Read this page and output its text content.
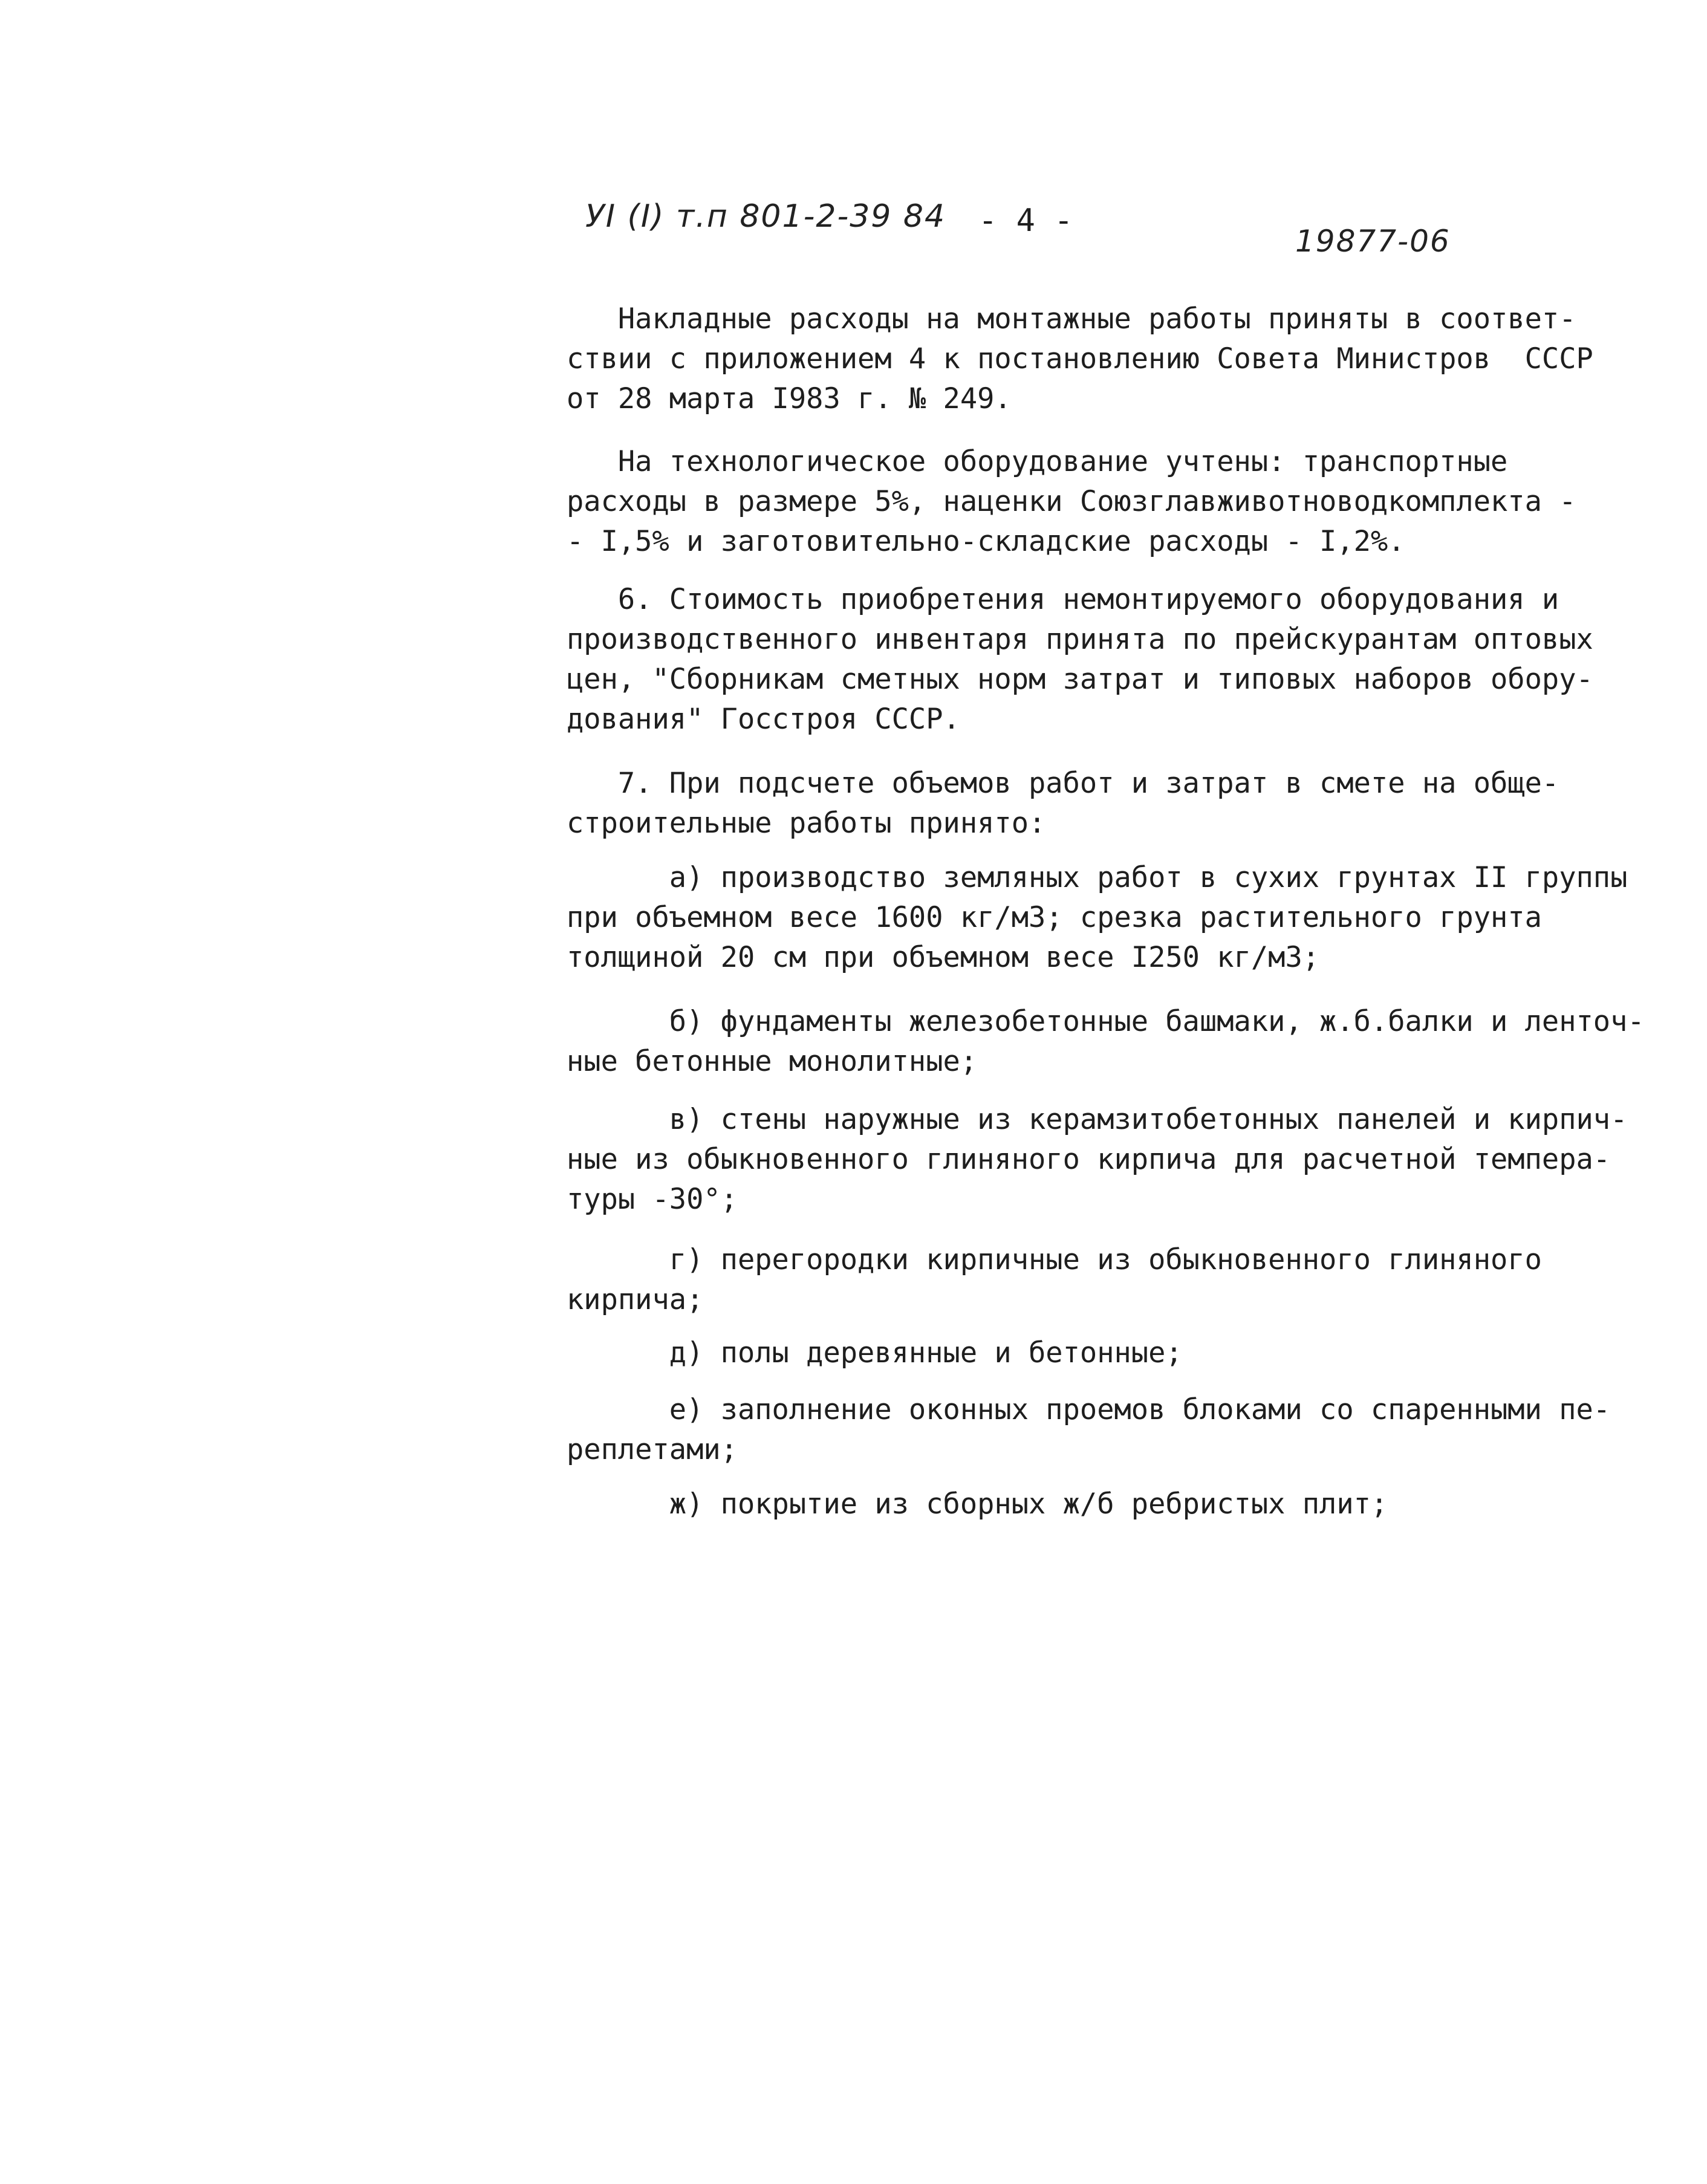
УI (I) т.п 801-2-39 84 - 4 -
19877-06
Накладные расходы на монтажные работы приняты в соответ-
ствии с приложением 4 к постановлению Совета Министров  СССР
от 28 марта I983 г. № 249.
На технологическое оборудование учтены: транспортные
расходы в размере 5%, наценки Союзглавживотноводкомплекта -
- I,5% и заготовительно-складские расходы - I,2%.
6. Стоимость приобретения немонтируемого оборудования и
производственного инвентаря принята по прейскурантам оптовых
цен, "Сборникам сметных норм затрат и типовых наборов обору-
дования" Госстроя СССР.
7. При подсчете объемов работ и затрат в смете на обще-
строительные работы принято:
а) производство земляных работ в сухих грунтах II группы
при объемном весе 1600 кг/м3; срезка растительного грунта
толщиной 20 см при объемном весе I250 кг/м3;
б) фундаменты железобетонные башмаки, ж.б.балки и ленточ-
ные бетонные монолитные;
в) стены наружные из керамзитобетонных панелей и кирпич-
ные из обыкновенного глиняного кирпича для расчетной темпера-
туры -30°;
г) перегородки кирпичные из обыкновенного глиняного
кирпича;
д) полы деревянные и бетонные;
е) заполнение оконных проемов блоками со спаренными пе-
реплетами;
ж) покрытие из сборных ж/б ребристых плит;
